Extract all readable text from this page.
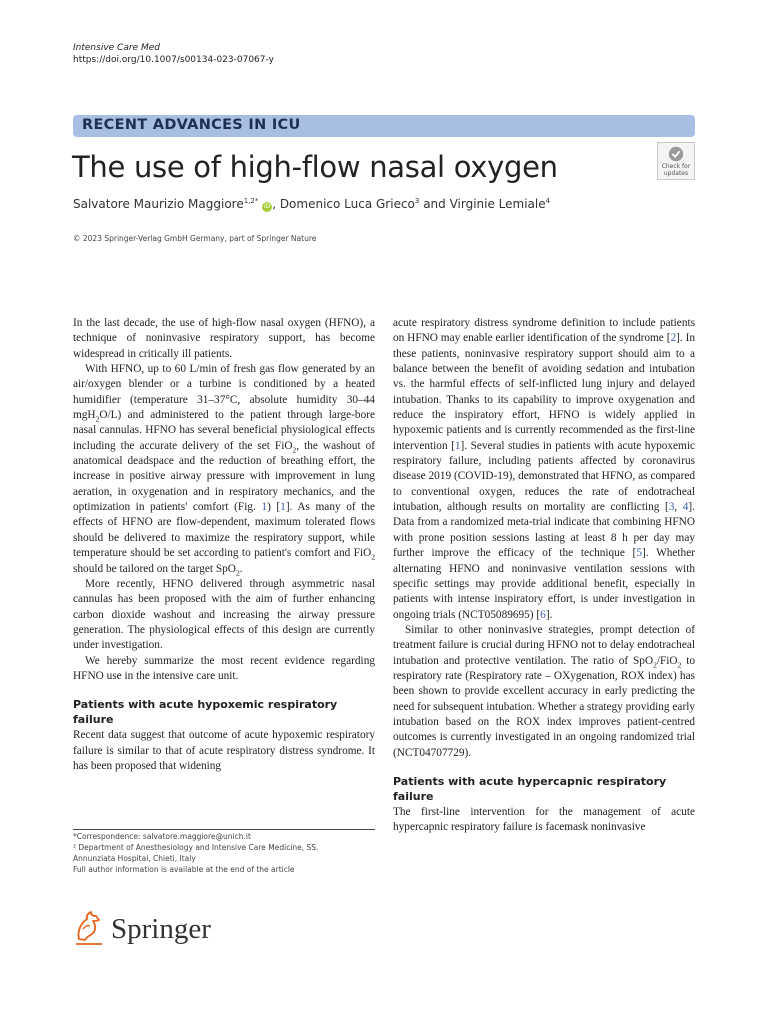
Intensive Care Med
https://doi.org/10.1007/s00134-023-07067-y
RECENT ADVANCES IN ICU
The use of high-flow nasal oxygen	Check for updates
Salvatore Maurizio Maggiore$^{1,2*}$ iD , Domenico Luca Grieco$^3$ and Virginie Lemiale$^4$
© 2023 Springer-Verlag GmbH Germany, part of Springer Nature

In the last decade, the use of high-flow nasal oxygen (HFNO), a technique of noninvasive respiratory support, has become widespread in critically ill patients.

With HFNO, up to 60 L/min of fresh gas flow generated by an air/oxygen blender or a turbine is conditioned by a heated humidifier (temperature 31–37°C, absolute humidity 30–44 mgH$_2$O/L) and administered to the patient through large-bore nasal cannulas. HFNO has several beneficial physiological effects including the accurate delivery of the set FiO$_2$, the washout of anatomical deadspace and the reduction of breathing effort, the increase in positive airway pressure with improvement in lung aeration, in oxygenation and in respiratory mechanics, and the optimization in patients' comfort (Fig. 1) [1]. As many of the effects of HFNO are flow-dependent, maximum tolerated flows should be delivered to maximize the respiratory support, while temperature should be set according to patient's comfort and FiO$_2$ should be tailored on the target SpO$_2$.

More recently, HFNO delivered through asymmetric nasal cannulas has been proposed with the aim of further enhancing carbon dioxide washout and increasing the airway pressure generation. The physiological effects of this design are currently under investigation.

We hereby summarize the most recent evidence regarding HFNO use in the intensive care unit.

Patients with acute hypoxemic respiratory failure

Recent data suggest that outcome of acute hypoxemic respiratory failure is similar to that of acute respiratory distress syndrome. It has been proposed that widening

acute respiratory distress syndrome definition to include patients on HFNO may enable earlier identification of the syndrome [2]. In these patients, noninvasive respiratory support should aim to a balance between the benefit of avoiding sedation and intubation vs. the harmful effects of self-inflicted lung injury and delayed intubation. Thanks to its capability to improve oxygenation and reduce the inspiratory effort, HFNO is widely applied in hypoxemic patients and is currently recommended as the first-line intervention [1]. Several studies in patients with acute hypoxemic respiratory failure, including patients affected by coronavirus disease 2019 (COVID-19), demonstrated that HFNO, as compared to conventional oxygen, reduces the rate of endotracheal intubation, although results on mortality are conflicting [3, 4]. Data from a randomized meta-trial indicate that combining HFNO with prone position sessions lasting at least 8 h per day may further improve the efficacy of the technique [5]. Whether alternating HFNO and noninvasive ventilation sessions with specific settings may provide additional benefit, especially in patients with intense inspiratory effort, is under investigation in ongoing trials (NCT05089695) [6].

Similar to other noninvasive strategies, prompt detection of treatment failure is crucial during HFNO not to delay endotracheal intubation and protective ventilation. The ratio of SpO$_2$/FiO$_2$ to respiratory rate (Respiratory rate – OXygenation, ROX index) has been shown to provide excellent accuracy in early predicting the need for subsequent intubation. Whether a strategy providing early intubation based on the ROX index improves patient-centred outcomes is currently investigated in an ongoing randomized trial (NCT04707729).

Patients with acute hypercapnic respiratory failure

The first-line intervention for the management of acute hypercapnic respiratory failure is facemask noninvasive

*Correspondence: salvatore.maggiore@unich.it
² Department of Anesthesiology and Intensive Care Medicine, SS.
Annunziata Hospital, Chieti, Italy
Full author information is available at the end of the article
Springer
